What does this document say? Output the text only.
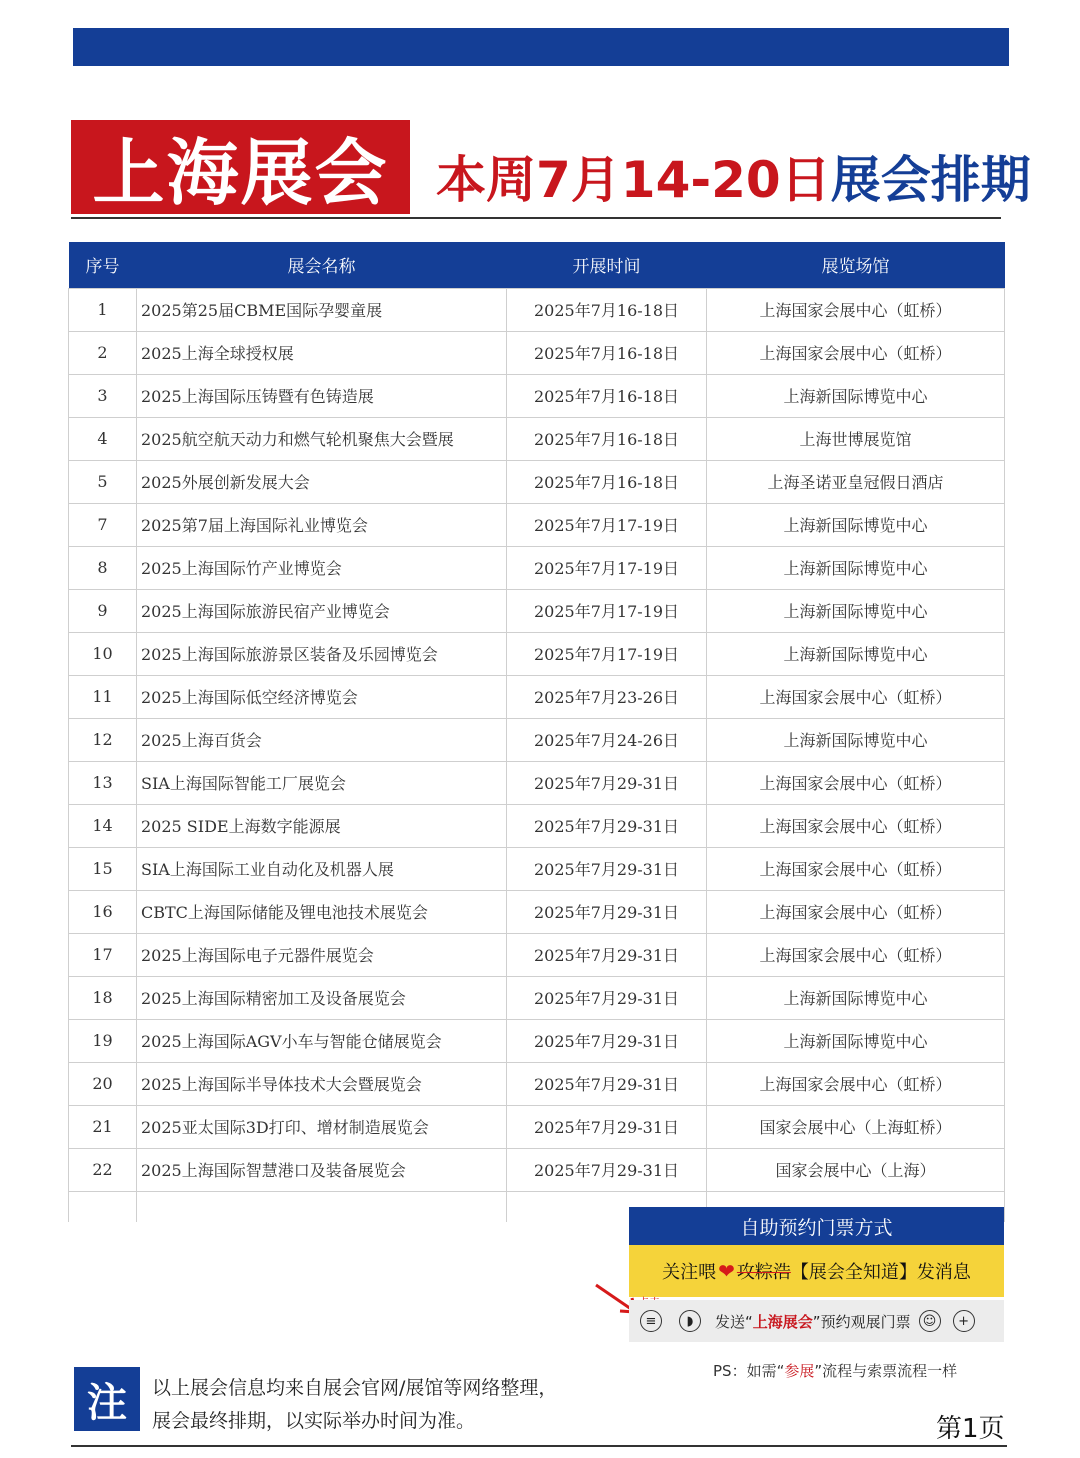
上海展会 本周7月14-20日展会排期
序号	展会名称	开展时间	展览场馆
1	2025第25届CBME国际孕婴童展	2025年7月16-18日	上海国家会展中心（虹桥）
2	2025上海全球授权展	2025年7月16-18日	上海国家会展中心（虹桥）
3	2025上海国际压铸暨有色铸造展	2025年7月16-18日	上海新国际博览中心
4	2025航空航天动力和燃气轮机聚焦大会暨展	2025年7月16-18日	上海世博展览馆
5	2025外展创新发展大会	2025年7月16-18日	上海圣诺亚皇冠假日酒店
7	2025第7届上海国际礼业博览会	2025年7月17-19日	上海新国际博览中心
8	2025上海国际竹产业博览会	2025年7月17-19日	上海新国际博览中心
9	2025上海国际旅游民宿产业博览会	2025年7月17-19日	上海新国际博览中心
10	2025上海国际旅游景区装备及乐园博览会	2025年7月17-19日	上海新国际博览中心
11	2025上海国际低空经济博览会	2025年7月23-26日	上海国家会展中心（虹桥）
12	2025上海百货会	2025年7月24-26日	上海新国际博览中心
13	SIA上海国际智能工厂展览会	2025年7月29-31日	上海国家会展中心（虹桥）
14	2025 SIDE上海数字能源展	2025年7月29-31日	上海国家会展中心（虹桥）
15	SIA上海国际工业自动化及机器人展	2025年7月29-31日	上海国家会展中心（虹桥）
16	CBTC上海国际储能及锂电池技术展览会	2025年7月29-31日	上海国家会展中心（虹桥）
17	2025上海国际电子元器件展览会	2025年7月29-31日	上海国家会展中心（虹桥）
18	2025上海国际精密加工及设备展览会	2025年7月29-31日	上海新国际博览中心
19	2025上海国际AGV小车与智能仓储展览会	2025年7月29-31日	上海新国际博览中心
20	2025上海国际半导体技术大会暨展览会	2025年7月29-31日	上海国家会展中心（虹桥）
21	2025亚太国际3D打印、增材制造展览会	2025年7月29-31日	国家会展中心（上海虹桥）
22	2025上海国际智慧港口及装备展览会	2025年7月29-31日	国家会展中心（上海）

自助预约门票方式
关注喂 ❤ 攻粽浩 【展会全知道】发消息
≡	◗	发送“上海展会”预约观展门票 ☺	+
PS：如需“参展”流程与索票流程一样
注	以上展会信息均来自展会官网/展馆等网络整理，
展会最终排期，以实际举办时间为准。	第1页
